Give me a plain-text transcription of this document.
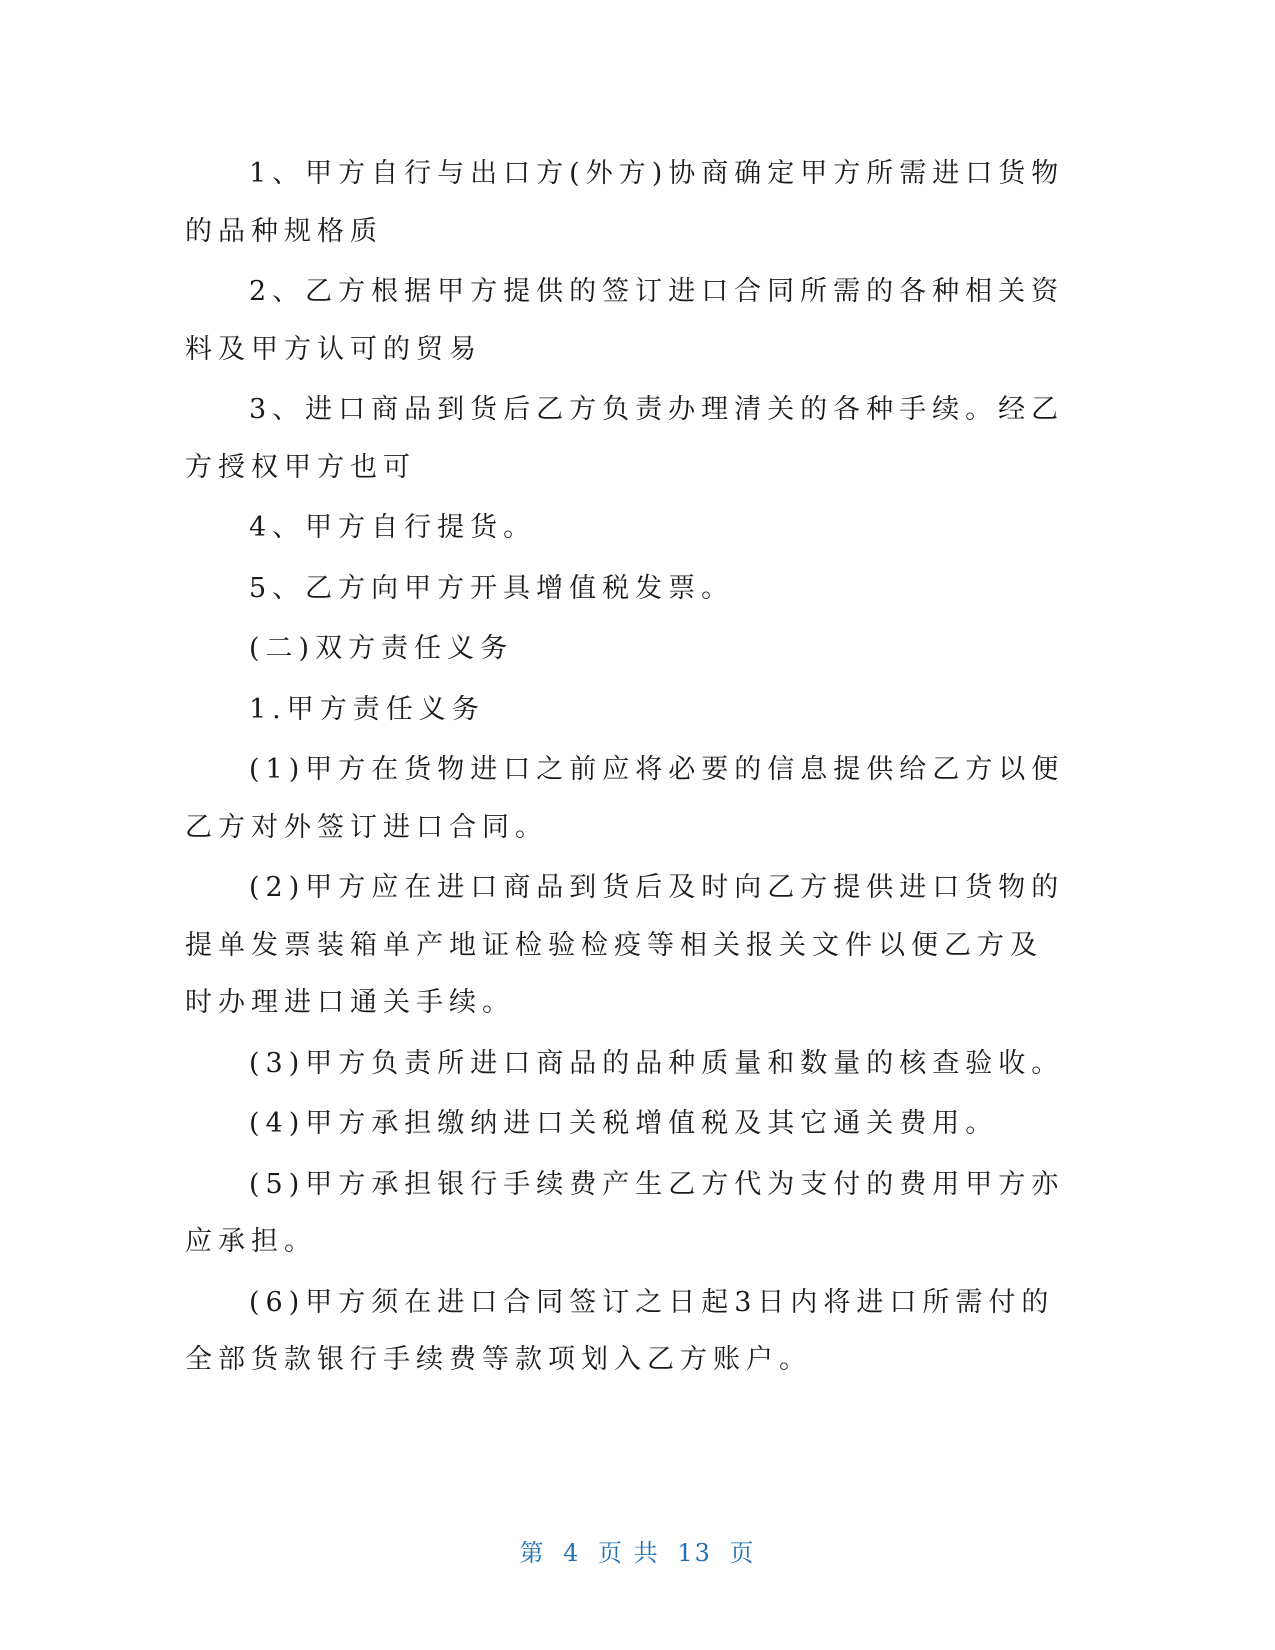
1、甲方自行与出口方(外方)协商确定甲方所需进口货物的品种规格质

2、乙方根据甲方提供的签订进口合同所需的各种相关资料及甲方认可的贸易

3、进口商品到货后乙方负责办理清关的各种手续。经乙方授权甲方也可

4、甲方自行提货。

5、乙方向甲方开具增值税发票。

(二)双方责任义务

1.甲方责任义务

(1)甲方在货物进口之前应将必要的信息提供给乙方以便乙方对外签订进口合同。

(2)甲方应在进口商品到货后及时向乙方提供进口货物的提单发票装箱单产地证检验检疫等相关报关文件以便乙方及时办理进口通关手续。

(3)甲方负责所进口商品的品种质量和数量的核查验收。

(4)甲方承担缴纳进口关税增值税及其它通关费用。

(5)甲方承担银行手续费产生乙方代为支付的费用甲方亦应承担。

(6)甲方须在进口合同签订之日起3日内将进口所需付的全部货款银行手续费等款项划入乙方账户。

第 4 页 共 13 页
